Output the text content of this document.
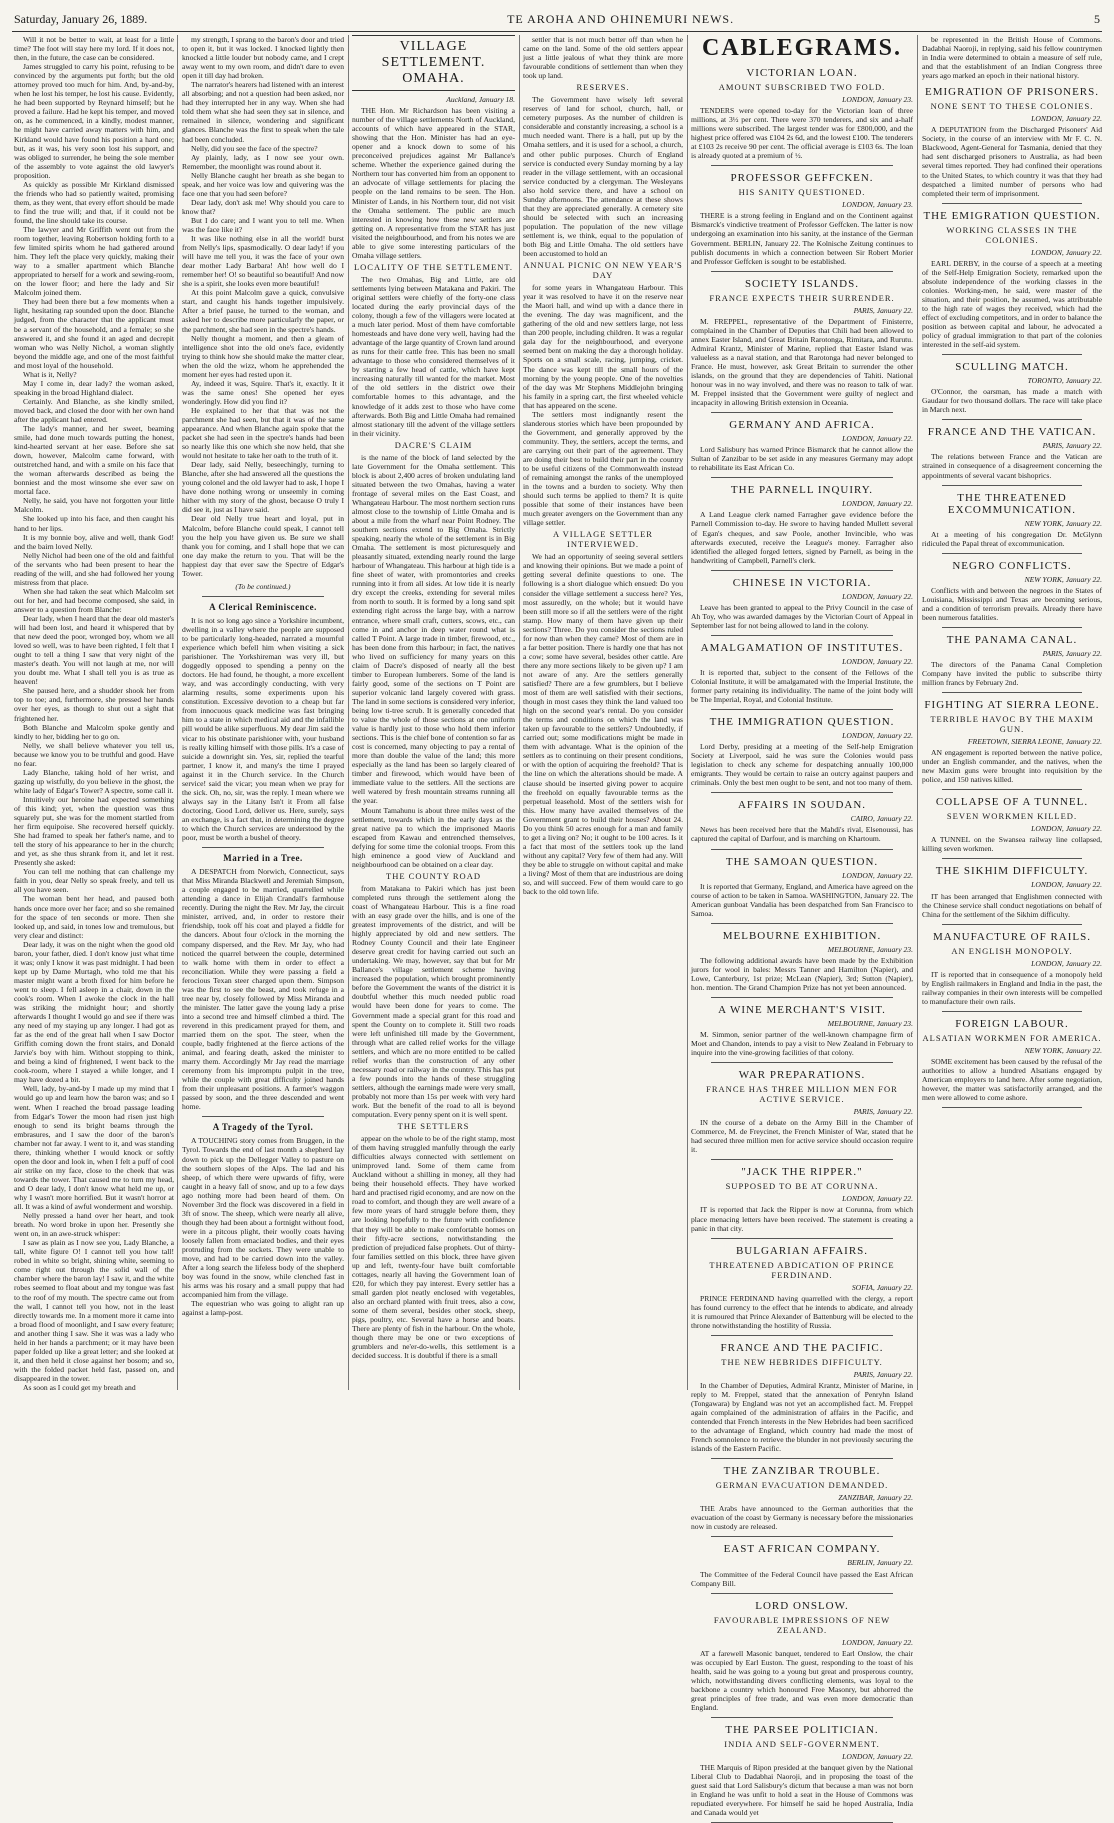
Saturday, January 26, 1889.	TE AROHA AND OHINEMURI NEWS.	5

Will it not be better to wait, at least for a little time? The foot will stay here my lord. If it does not, then, in the future, the case can be considered.

James struggled to carry his point, refusing to be convinced by the arguments put forth; but the old attorney proved too much for him. And, by-and-by, when he lost his temper, he lost his cause. Evidently, he had been supported by Reynard himself; but he proved a failure. Had he kept his temper, and moved on, as he commenced, in a kindly, modest manner, he might have carried away matters with him, and Kirkland would have found his position a hard one; but, as it was, his very soon lost his support, and was obliged to surrender, he being the sole member of the assembly to vote against the old lawyer's proposition.

As quickly as possible Mr Kirkland dismissed the friends who had so patiently waited, promising them, as they went, that every effort should be made to find the true will; and that, if it could not be found, the line should take its course.

The lawyer and Mr Griffith went out from the room together, leaving Robertson holding forth to a few limited spirits whom he had gathered around him. They left the place very quickly, making their way to a smaller apartment which Blanche appropriated to herself for a work and sewing-room, on the lower floor; and here the lady and Sir Malcolm joined them.

They had been there but a few moments when a light, hesitating rap sounded upon the door. Blanche judged, from the character that the applicant must be a servant of the household, and a female; so she answered it, and she found it an aged and decrepit woman who was Nelly Nichol, a woman slightly beyond the middle age, and one of the most faithful and most loyal of the household.

What is it, Nelly?

May I come in, dear lady? the woman asked, speaking in the broad Highland dialect.

Certainly. And Blanche, as she kindly smiled, moved back, and closed the door with her own hand after the applicant had entered.

The lady's manner, and her sweet, beaming smile, had done much towards putting the honest, kind-hearted servant at her ease. Before she sat down, however, Malcolm came forward, with outstretched hand, and with a smile on his face that the woman afterwards described as being the bonniest and the most winsome she ever saw on mortal face.

Nelly, he said, you have not forgotten your little Malcolm.

She looked up into his face, and then caught his hand to her lips.

It is my bonnie boy, alive and well, thank God! and the bairn loved Nelly.

Nelly Nichol had been one of the old and faithful of the servants who had been present to hear the reading of the will, and she had followed her young mistress from that place.

When she had taken the seat which Malcolm set out for her, and had become composed, she said, in answer to a question from Blanche:

Dear lady, when I heard that the dear old master's will had been lost, and heard it whispered that by that new deed the poor, wronged boy, whom we all loved so well, was to have been righted, I felt that I ought to tell a thing I saw that very night of the master's death. You will not laugh at me, nor will you doubt me. What I shall tell you is as true as heaven!

She paused here, and a shudder shook her from top to toe; and, furthermore, she pressed her hands over her eyes, as though to shut out a sight that frightened her.

Both Blanche and Malcolm spoke gently and kindly to her, bidding her to go on.

Nelly, we shall believe whatever you tell us, because we know you to be truthful and good. Have no fear.

Lady Blanche, taking hold of her wrist, and gazing up wistfully, do you believe in the ghost, the white lady of Edgar's Tower? A spectre, some call it.

Intuitively our heroine had expected something of this kind; yet, when the question was thus squarely put, she was for the moment startled from her firm equipoise. She recovered herself quickly. She had framed to speak her father's name, and to tell the story of his appearance to her in the church; and yet, as she thus shrank from it, and let it rest. Presently she asked:

You can tell me nothing that can challenge my faith in you, dear Nelly so speak freely, and tell us all you have seen.

The woman bent her head, and paused both hands once more over her face; and so she remained for the space of ten seconds or more. Then she looked up, and said, in tones low and tremulous, but very clear and distinct:

Dear lady, it was on the night when the good old baron, your father, died. I don't know just what time it was; only I know it was past midnight. I had been kept up by Dame Murtagh, who told me that his master might want a broth fixed for him before he went to sleep. I fell asleep in a chair, down in the cook's room. When I awoke the clock in the hall was striking the midnight hour; and shortly afterwards I thought I would go and see if there was any need of my staying up any longer. I had got as far as the end of the great hall when I saw Doctor Griffith coming down the front stairs, and Donald Jarvie's boy with him. Without stopping to think, and being a kind of frightened, I went back to the cook-room, where I stayed a while longer, and I may have dozed a bit.

Well, lady, by-and-by I made up my mind that I would go up and learn how the baron was; and so I went. When I reached the broad passage leading from Edgar's Tower the moon had risen just high enough to send its bright beams through the embrasures, and I saw the door of the baron's chamber not far away. I went to it, and was standing there, thinking whether I would knock or softly open the door and look in, when I felt a puff of cool air strike on my face, close to the cheek that was towards the tower. That caused me to turn my head, and O dear lady, I don't know what held me up, or why I wasn't more horrified. But it wasn't horror at all. It was a kind of awful wonderment and worship.

Nelly pressed a hand over her heart, and took breath. No word broke in upon her. Presently she went on, in an awe-struck whisper:

I saw as plain as I now see you, Lady Blanche, a tall, white figure O! I cannot tell you how tall! robed in white so bright, shining white, seeming to come right out through the solid wall of the chamber where the baron lay! I saw it, and the white robes seemed to float about and my tongue was fast to the roof of my mouth. The spectre came out from the wall, I cannot tell you how, not in the least directly towards me. In a moment more it came into a broad flood of moonlight, and I saw every feature; and another thing I saw. She it was was a lady who held in her hands a parchment; or it may have been paper folded up like a great letter; and she looked at it, and then held it close against her bosom; and so, with the folded packet held fast, passed on, and disappeared in the tower.

As soon as I could get my breath and

my strength, I sprang to the baron's door and tried to open it, but it was locked. I knocked lightly then knocked a little louder but nobody came, and I crept away went to my own room, and didn't dare to even open it till day had broken.

The narrator's hearers had listened with an interest all absorbing; and not a question had been asked, nor had they interrupted her in any way. When she had told them what she had seen they sat in silence, and remained in silence, wondering and significant glances. Blanche was the first to speak when the tale had been concluded.

Nelly, did you see the face of the spectre?

Ay plainly, lady, as I now see your own. Remember, the moonlight was round about it.

Nelly Blanche caught her breath as she began to speak, and her voice was low and quivering was the face one that you had seen before?

Dear lady, don't ask me! Why should you care to know that?

But I do care; and I want you to tell me. When was the face like it?

It was like nothing else in all the world! burst from Nelly's lips, spasmodically. O dear lady! if you will have me tell you, it was the face of your own dear mother Lady Barbara! Ah! how well do I remember her! O! so beautiful so beautiful! And now she is a spirit, she looks even more beautiful!

At this point Malcolm gave a quick, convulsive start, and caught his hands together impulsively. After a brief pause, he turned to the woman, and asked her to describe more particularly the paper, or the parchment, she had seen in the spectre's hands.

Nelly thought a moment, and then a gleam of intelligence shot into the old one's face, evidently trying to think how she should make the matter clear, when the old the wizz, whom he apprehended the moment her eyes had rested upon it.

Ay, indeed it was, Squire. That's it, exactly. It it was the same ones! She opened her eyes wonderingly. How did you find it?

He explained to her that that was not the parchment she had seen, but that it was of the same appearance. And when Blanche again spoke that the packet she had seen in the spectre's hands had been so nearly like this one which she now held, that she would not hesitate to take her oath to the truth of it.

Dear lady, said Nelly, beseechingly, turning to Blanche, after she had answered all the questions the young colonel and the old lawyer had to ask, I hope I have done nothing wrong or unseemly in coming hither with my story of the ghost, because O truly I did see it, just as I have said.

Dear old Nelly true heart and loyal, put in Malcolm, before Blanche could speak, I cannot tell you the help you have given us. Be sure we shall thank you for coming, and I shall hope that we can one day make the return to you. That will be the happiest day that ever saw the Spectre of Edgar's Tower.

(To be continued.)
A Clerical Reminiscence.

It is not so long ago since a Yorkshire incumbent, dwelling in a valley where the people are supposed to be particularly long-headed, narrated a mournful experience which befell him when visiting a sick parishioner. The Yorkshireman was very ill, but doggedly opposed to spending a penny on the doctors. He had found, he thought, a more excellent way, and was accordingly conducting, with very alarming results, some experiments upon his constitution. Excessive devotion to a cheap but far from innocuous quack medicine was fast bringing him to a state in which medical aid and the infallible pill would be alike superfluous. My dear Jim said the vicar to his obstinate parishioner with, your husband is really killing himself with those pills. It's a case of suicide a downright sin. Yes, sir, replied the tearful partner, I know it, and many's the time I prayed against it in the Church service. In the Church service! said the vicar; you mean when we pray for the sick. Oh, no, sir, was the reply. I mean where we always say in the Litany Isn't it From all false doctoring, Good Lord, deliver us. Here, surely, says an exchange, is a fact that, in determining the degree to which the Church services are understood by the poor, must be worth a bushel of theory.

Married in a Tree.

A DESPATCH from Norwich, Connecticut, says that Miss Miranda Blackwell and Jeremiah Simpson, a couple engaged to be married, quarrelled while attending a dance in Elijah Crandall's farmhouse recently. During the night the Rev. Mr Jay, the circuit minister, arrived, and, in order to restore their friendship, took off his coat and played a fiddle for the dancers. About four o'clock in the morning the company dispersed, and the Rev. Mr Jay, who had noticed the quarrel between the couple, determined to walk home with them in order to effect a reconciliation. While they were passing a field a ferocious Texan steer charged upon them. Simpson was the first to see the beast, and took refuge in a tree near by, closely followed by Miss Miranda and the minister. The latter gave the young lady a prise into a second tree and himself climbed a third. The reverend in this predicament prayed for them, and married them on the spot. The steer, when the couple, badly frightened at the fierce actions of the animal, and fearing death, asked the minister to marry them. Accordingly Mr Jay read the marriage ceremony from his impromptu pulpit in the tree, while the couple with great difficulty joined hands from their unpleasant positions. A farmer's waggon passed by soon, and the three descended and went home.

A Tragedy of the Tyrol.

A TOUCHING story comes from Bruggen, in the Tyrol. Towards the end of last month a shepherd lay down to pick up the Dellegger Valley to pasture on the southern slopes of the Alps. The lad and his sheep, of which there were upwards of fifty, were caught in a heavy fall of snow, and up to a few days ago nothing more had been heard of them. On November 3rd the flock was discovered in a field in 3ft of snow. The sheep, which were nearly all alive, though they had been about a fortnight without food, were in a pitcous plight, their woolly coats having loosely fallen from emaciated bodies, and their eyes protruding from the sockets. They were unable to move, and had to be carried down into the valley. After a long search the lifeless body of the shepherd boy was found in the snow, while clenched fast in his arms was his rosary and a small puppy that had accompanied him from the village.

The equestrian who was going to alight ran up against a lamp-post.

VILLAGE SETTLEMENT.
OMAHA.
Auckland, January 18.

THE Hon. Mr Richardson has been visiting a number of the village settlements North of Auckland, accounts of which have appeared in the STAR, showing that the Hon. Minister has had an eye-opener and a knock down to some of his preconceived prejudices against Mr Ballance's scheme. Whether the experience gained during the Northern tour has converted him from an opponent to an advocate of village settlements for placing the people on the land remains to be seen. The Hon. Minister of Lands, in his Northern tour, did not visit the Omaha settlement. The public are much interested in knowing how these new settlers are getting on. A representative from the STAR has just visited the neighbourhood, and from his notes we are able to give some interesting particulars of the Omaha village settlers.

LOCALITY OF THE SETTLEMENT.

The two Omahas, Big and Little, are old settlements lying between Matakana and Pakiri. The original settlers were chiefly of the forty-one class located during the early provincial days of the colony, though a few of the villagers were located at a much later period. Most of them have comfortable homesteads and have done very well, having had the advantage of the large quantity of Crown land around as runs for their cattle free. This has been no small advantage to those who considered themselves of it by starting a few head of cattle, which have kept increasing naturally till wanted for the market. Most of the old settlers in the district owe their comfortable homes to this advantage, and the knowledge of it adds zest to those who have come afterwards. Both Big and Little Omaha had remained almost stationary till the advent of the village settlers in their vicinity.

DACRE'S CLAIM

is the name of the block of land selected by the late Government for the Omaha settlement. This block is about 2,400 acres of broken undulating land situated between the two Omahas, having a water frontage of several miles on the East Coast, and Whangateau Harbour. The most northern section runs almost close to the township of Little Omaha and is about a mile from the wharf near Point Rodney. The southern sections extend to Big Omaha. Strictly speaking, nearly the whole of the settlement is in Big Omaha. The settlement is most picturesquely and pleasantly situated, extending nearly round the large harbour of Whangateau. This harbour at high tide is a fine sheet of water, with promontories and creeks running into it from all sides. At low tide it is nearly dry except the creeks, extending for several miles from north to south. It is formed by a long sand spit extending right across the large bay, with a narrow entrance, where small craft, cutters, scows, etc., can come in and anchor in deep water round what is called T Point. A large trade in timber, firewood, etc., has been done from this harbour; in fact, the natives who lived on sufficiency for many years on this claim of Dacre's disposed of nearly all the best timber to European lumberers. Some of the land is fairly good, some of the sections on T Point are superior volcanic land largely covered with grass. The land in some sections is considered very inferior, being low ti-tree scrub. It is generally conceded that to value the whole of those sections at one uniform value is hardly just to those who hold them inferior sections. This is the chief bone of contention so far as cost is concerned, many objecting to pay a rental of more than double the value of the land; this more especially as the land has been so largely cleared of timber and firewood, which would have been of immediate value to the settlers. All the sections are well watered by fresh mountain streams running all the year.

Mount Tamahunu is about three miles west of the settlement, towards which in the early days as the great native pa to which the imprisoned Maoris escaped from Kawau and entrenched themselves, defying for some time the colonial troops. From this high eminence a good view of Auckland and neighbourhood can be obtained on a clear day.

THE COUNTY ROAD

from Matakana to Pakiri which has just been completed runs through the settlement along the coast of Whangateau Harbour. This is a fine road with an easy grade over the hills, and is one of the greatest improvements of the district, and will be highly appreciated by old and new settlers. The Rodney County Council and their late Engineer deserve great credit for having carried out such an undertaking. We may, however, say that but for Mr Ballance's village settlement scheme having increased the population, which brought prominently before the Government the wants of the district it is doubtful whether this much needed public road would have been done for years to come. The Government made a special grant for this road and spent the County on to complete it. Still two roads were left unfinished till made by the Government, through what are called relief works for the village settlers, and which are no more entitled to be called relief works than the construction of any other necessary road or railway in the country. This has put a few pounds into the hands of these struggling settlers, although the earnings made were very small, probably not more than 15s per week with very hard work. But the benefit of the road to all is beyond computation. Every penny spent on it is well spent.

THE SETTLERS

appear on the whole to be of the right stamp, most of them having struggled manfully through the early difficulties always connected with settlement on unimproved land. Some of them came from Auckland without a shilling in money, all they had being their household effects. They have worked hard and practised rigid economy, and are now on the road to comfort, and though they are well aware of a few more years of hard struggle before them, they are looking hopefully to the future with confidence that they will be able to make comfortable homes on their fifty-acre sections, notwithstanding the prediction of prejudiced false prophets. Out of thirty-four families settled on this block, three have given up and left, twenty-four have built comfortable cottages, nearly all having the Government loan of £20, for which they pay interest. Every settler has a small garden plot neatly enclosed with vegetables, also an orchard planted with fruit trees, also a cow, some of them several, besides other stock, sheep, pigs, poultry, etc. Several have a horse and boats. There are plenty of fish in the harbour. On the whole, though there may be one or two exceptions of grumblers and ne'er-do-wells, this settlement is a decided success. It is doubtful if there is a small

settler that is not much better off than when he came on the land. Some of the old settlers appear just a little jealous of what they think are more favourable conditions of settlement than when they took up land.

RESERVES.

The Government have wisely left several reserves of land for school, church, hall, or cemetery purposes. As the number of children is considerable and constantly increasing, a school is a much needed want. There is a hall, put up by the Omaha settlers, and it is used for a school, a church, and other public purposes. Church of England service is conducted every Sunday morning by a lay reader in the village settlement, with an occasional service conducted by a clergyman. The Wesleyans also hold service there, and have a school on Sunday afternoons. The attendance at these shows that they are appreciated generally. A cemetery site should be selected with such an increasing population. The population of the new village settlement is, we think, equal to the population of both Big and Little Omaha. The old settlers have been accustomed to hold an

ANNUAL PICNIC ON NEW YEAR'S DAY

for some years in Whangateau Harbour. This year it was resolved to have it on the reserve near the Maori hall, and wind up with a dance there in the evening. The day was magnificent, and the gathering of the old and new settlers large, not less than 200 people, including children. It was a regular gala day for the neighbourhood, and everyone seemed bent on making the day a thorough holiday. Sports on a small scale, racing, jumping, cricket. The dance was kept till the small hours of the morning by the young people. One of the novelties of the day was Mr Stephens Middlejohn bringing his family in a spring cart, the first wheeled vehicle that has appeared on the scene.

The settlers most indignantly resent the slanderous stories which have been propounded by the Government, and generally approved by the community. They, the settlers, accept the terms, and are carrying out their part of the agreement. They are doing their best to build their part in the country to be useful citizens of the Commonwealth instead of remaining amongst the ranks of the unemployed in the towns and a burden to society. Why then should such terms be applied to them? It is quite possible that some of their instances have been much greater avengers on the Government than any village settler.

A VILLAGE SETTLER INTERVIEWED.

We had an opportunity of seeing several settlers and knowing their opinions. But we made a point of getting several definite questions to one. The following is a short dialogue which ensued: Do you consider the village settlement a success here? Yes, most assuredly, on the whole; but it would have been still more so if all the settlers were of the right stamp. How many of them have given up their sections? Three. Do you consider the sections ruled for now than when they came? Most of them are in a far better position. There is hardly one that has not a cow; some have several, besides other cattle. Are there any more sections likely to be given up? I am not aware of any. Are the settlers generally satisfied? There are a few grumblers, but I believe most of them are well satisfied with their sections, though in most cases they think the land valued too high on the second year's rental. Do you consider the terms and conditions on which the land was taken up favourable to the settlers? Undoubtedly, if carried out; some modifications might be made in them with advantage. What is the opinion of the settlers as to continuing on their present conditions, or with the option of acquiring the freehold? That is the line on which the alterations should be made. A clause should be inserted giving power to acquire the freehold on equally favourable terms as the perpetual leasehold. Most of the settlers wish for this. How many have availed themselves of the Government grant to build their houses? About 24. Do you think 50 acres enough for a man and family to get a living on? No; it ought to be 100 acres. Is it a fact that most of the settlers took up the land without any capital? Very few of them had any. Will they be able to struggle on without capital and make a living? Most of them that are industrious are doing so, and will succeed. Few of them would care to go back to the old town life.

CABLEGRAMS.
VICTORIAN LOAN.
AMOUNT SUBSCRIBED TWO FOLD.
LONDON, January 23.

TENDERS were opened to-day for the Victorian loan of three millions, at 3½ per cent. There were 370 tenderers, and six and a-half millions were subscribed. The largest tender was for £800,000, and the highest price offered was £104 2s 6d, and the lowest £100. The tenderers at £103 2s receive 90 per cent. The official average is £103 6s. The loan is already quoted at a premium of ½.

PROFESSOR GEFFCKEN.
HIS SANITY QUESTIONED.
LONDON, January 23.

THERE is a strong feeling in England and on the Continent against Bismarck's vindictive treatment of Professor Geffcken. The latter is now undergoing an examination into his sanity, at the instance of the German Government. BERLIN, January 22. The Kolnische Zeitung continues to publish documents in which a connection between Sir Robert Morier and Professor Geffcken is sought to be established.

SOCIETY ISLANDS.
FRANCE EXPECTS THEIR SURRENDER.
PARIS, January 22.

M. FREPPEL, representative of the Department of Finisterre, complained in the Chamber of Deputies that Chili had been allowed to annex Easter Island, and Great Britain Rarotonga, Rimitara, and Rurutu. Admiral Krantz, Minister of Marine, replied that Easter Island was valueless as a naval station, and that Rarotonga had never belonged to France. He must, however, ask Great Britain to surrender the other islands, on the ground that they are dependencies of Tahiti. National honour was in no way involved, and there was no reason to talk of war. M. Freppel insisted that the Government were guilty of neglect and incapacity in allowing British extension in Oceania.

GERMANY AND AFRICA.
LONDON, January 22.

Lord Salisbury has warned Prince Bismarck that he cannot allow the Sultan of Zanzibar to be set aside in any measures Germany may adopt to rehabilitate its East African Co.

THE PARNELL INQUIRY.
LONDON, January 22.

A Land League clerk named Farragher gave evidence before the Parnell Commission to-day. He swore to having handed Mullett several of Egan's cheques, and saw Poole, another Invincible, who was afterwards executed, receive the League's money. Farragher also identified the alleged forged letters, signed by Parnell, as being in the handwriting of Campbell, Parnell's clerk.

CHINESE IN VICTORIA.
LONDON, January 22.

Leave has been granted to appeal to the Privy Council in the case of Ah Toy, who was awarded damages by the Victorian Court of Appeal in September last for not being allowed to land in the colony.

AMALGAMATION OF INSTITUTES.
LONDON, January 22.

It is reported that, subject to the consent of the Fellows of the Colonial Institute, it will be amalgamated with the Imperial Institute, the former party retaining its individuality. The name of the joint body will be The Imperial, Royal, and Colonial Institute.

THE IMMIGRATION QUESTION.
LONDON, January 22.

Lord Derby, presiding at a meeting of the Self-help Emigration Society at Liverpool, said he was sure the Colonies would pass legislation to check any scheme for despatching annually 100,000 emigrants. They would be certain to raise an outcry against paupers and criminals. Only the best men ought to be sent, and not too many of them.

AFFAIRS IN SOUDAN.
CAIRO, January 22.

News has been received here that the Mahdi's rival, Elsenoussi, has captured the capital of Darfour, and is marching on Khartoum.

THE SAMOAN QUESTION.
LONDON, January 22.

It is reported that Germany, England, and America have agreed on the course of action to be taken in Samoa. WASHINGTON, January 22. The American gunboat Vandalia has been despatched from San Francisco to Samoa.

MELBOURNE EXHIBITION.
MELBOURNE, January 23.

The following additional awards have been made by the Exhibition jurors for wool in bales: Messrs Tanner and Hamilton (Napier), and Lowe, Canterbury, 1st prize; McLean (Napier), 3rd; Sutton (Napier), hon. mention. The Grand Champion Prize has not yet been announced.

A WINE MERCHANT'S VISIT.
MELBOURNE, January 23.

M. Simmon, senior partner of the well-known champagne firm of Moet and Chandon, intends to pay a visit to New Zealand in February to inquire into the vine-growing facilities of that colony.

WAR PREPARATIONS.
FRANCE HAS THREE MILLION MEN FOR ACTIVE SERVICE.
PARIS, January 22.

IN the course of a debate on the Army Bill in the Chamber of Commerce, M. de Freycinet, the French Minister of War, stated that he had secured three million men for active service should occasion require it.

"JACK THE RIPPER."
SUPPOSED TO BE AT CORUNNA.
LONDON, January 22.

IT is reported that Jack the Ripper is now at Corunna, from which place menacing letters have been received. The statement is creating a panic in that city.

BULGARIAN AFFAIRS.
THREATENED ABDICATION OF PRINCE FERDINAND.
SOFIA, January 22.

PRINCE FERDINAND having quarrelled with the clergy, a report has found currency to the effect that he intends to abdicate, and already it is rumoured that Prince Alexander of Battenburg will be elected to the throne notwithstanding the hostility of Russia.

FRANCE AND THE PACIFIC.
THE NEW HEBRIDES DIFFICULTY.
PARIS, January 22.

In the Chamber of Deputies, Admiral Krantz, Minister of Marine, in reply to M. Freppel, stated that the annexation of Penryhn Island (Tongawara) by England was not yet an accomplished fact. M. Freppel again complained of the administration of affairs in the Pacific, and contended that French interests in the New Hebrides had been sacrificed to the advantage of England, which country had made the most of French somnolence to retrieve the blunder in not previously securing the islands of the Eastern Pacific.

THE ZANZIBAR TROUBLE.
GERMAN EVACUATION DEMANDED.
ZANZIBAR, January 22.

THE Arabs have announced to the German authorities that the evacuation of the coast by Germany is necessary before the missionaries now in custody are released.

EAST AFRICAN COMPANY.
BERLIN, January 22.

The Committee of the Federal Council have passed the East African Company Bill.

LORD ONSLOW.
FAVOURABLE IMPRESSIONS OF NEW ZEALAND.
LONDON, January 22.

AT a farewell Masonic banquet, tendered to Earl Onslow, the chair was occupied by Earl Euston. The guest, responding to the toast of his health, said he was going to a young but great and prosperous country, which, notwithstanding divers conflicting elements, was loyal to the backbone a country which honoured Free Masonry, but abhorred the great principles of free trade, and was even more democratic than England.

THE PARSEE POLITICIAN.
INDIA AND SELF-GOVERNMENT.
LONDON, January 22.

THE Marquis of Ripon presided at the banquet given by the National Liberal Club to Dadabhai Naoroji, and in proposing the toast of the guest said that Lord Salisbury's dictum that because a man was not born in England he was unfit to hold a seat in the House of Commons was repudiated everywhere. For himself he said he hoped Australia, India and Canada would yet

be represented in the British House of Commons. Dadabhai Naoroji, in replying, said his fellow countrymen in India were determined to obtain a measure of self rule, and that the establishment of an Indian Congress three years ago marked an epoch in their national history.

EMIGRATION OF PRISONERS.
NONE SENT TO THESE COLONIES.
LONDON, January 22.

A DEPUTATION from the Discharged Prisoners' Aid Society, in the course of an interview with Mr F. C. N. Blackwood, Agent-General for Tasmania, denied that they had sent discharged prisoners to Australia, as had been several times reported. They had confined their operations to the United States, to which country it was that they had despatched a limited number of persons who had completed their term of imprisonment.

THE EMIGRATION QUESTION.
WORKING CLASSES IN THE COLONIES.
LONDON, January 22.

EARL DERBY, in the course of a speech at a meeting of the Self-Help Emigration Society, remarked upon the absolute independence of the working classes in the colonies. Working-men, he said, were master of the situation, and their position, he assumed, was attributable to the high rate of wages they received, which had the effect of excluding competitors, and in order to balance the position as between capital and labour, he advocated a policy of gradual immigration to that part of the colonies interested in the self-aid system.

SCULLING MATCH.
TORONTO, January 22.

O'Connor, the oarsman, has made a match with Gaudaur for two thousand dollars. The race will take place in March next.

FRANCE AND THE VATICAN.
PARIS, January 22.

The relations between France and the Vatican are strained in consequence of a disagreement concerning the appointments of several vacant bishoprics.

THE THREATENED EXCOMMUNICATION.
NEW YORK, January 22.

At a meeting of his congregation Dr. McGlynn ridiculed the Papal threat of excommunication.

NEGRO CONFLICTS.
NEW YORK, January 22.

Conflicts with and between the negroes in the States of Louisiana, Mississippi and Texas are becoming serious, and a condition of terrorism prevails. Already there have been numerous fatalities.

THE PANAMA CANAL.
PARIS, January 22.

The directors of the Panama Canal Completion Company have invited the public to subscribe thirty million francs by February 2nd.

FIGHTING AT SIERRA LEONE.
TERRIBLE HAVOC BY THE MAXIM GUN.
FREETOWN, SIERRA LEONE, January 22.

AN engagement is reported between the native police, under an English commander, and the natives, when the new Maxim guns were brought into requisition by the police, and 150 natives killed.

COLLAPSE OF A TUNNEL.
SEVEN WORKMEN KILLED.
LONDON, January 22.

A TUNNEL on the Swansea railway line collapsed, killing seven workmen.

THE SIKHIM DIFFICULTY.
LONDON, January 22.

IT has been arranged that Englishmen connected with the Chinese service shall conduct negotiations on behalf of China for the settlement of the Sikhim difficulty.

MANUFACTURE OF RAILS.
AN ENGLISH MONOPOLY.
LONDON, January 22.

IT is reported that in consequence of a monopoly held by English railmakers in England and India in the past, the railway companies in their own interests will be compelled to manufacture their own rails.

FOREIGN LABOUR.
ALSATIAN WORKMEN FOR AMERICA.
NEW YORK, January 22.

SOME excitement has been caused by the refusal of the authorities to allow a hundred Alsatians engaged by American employers to land here. After some negotiation, however, the matter was satisfactorily arranged, and the men were allowed to come ashore.
